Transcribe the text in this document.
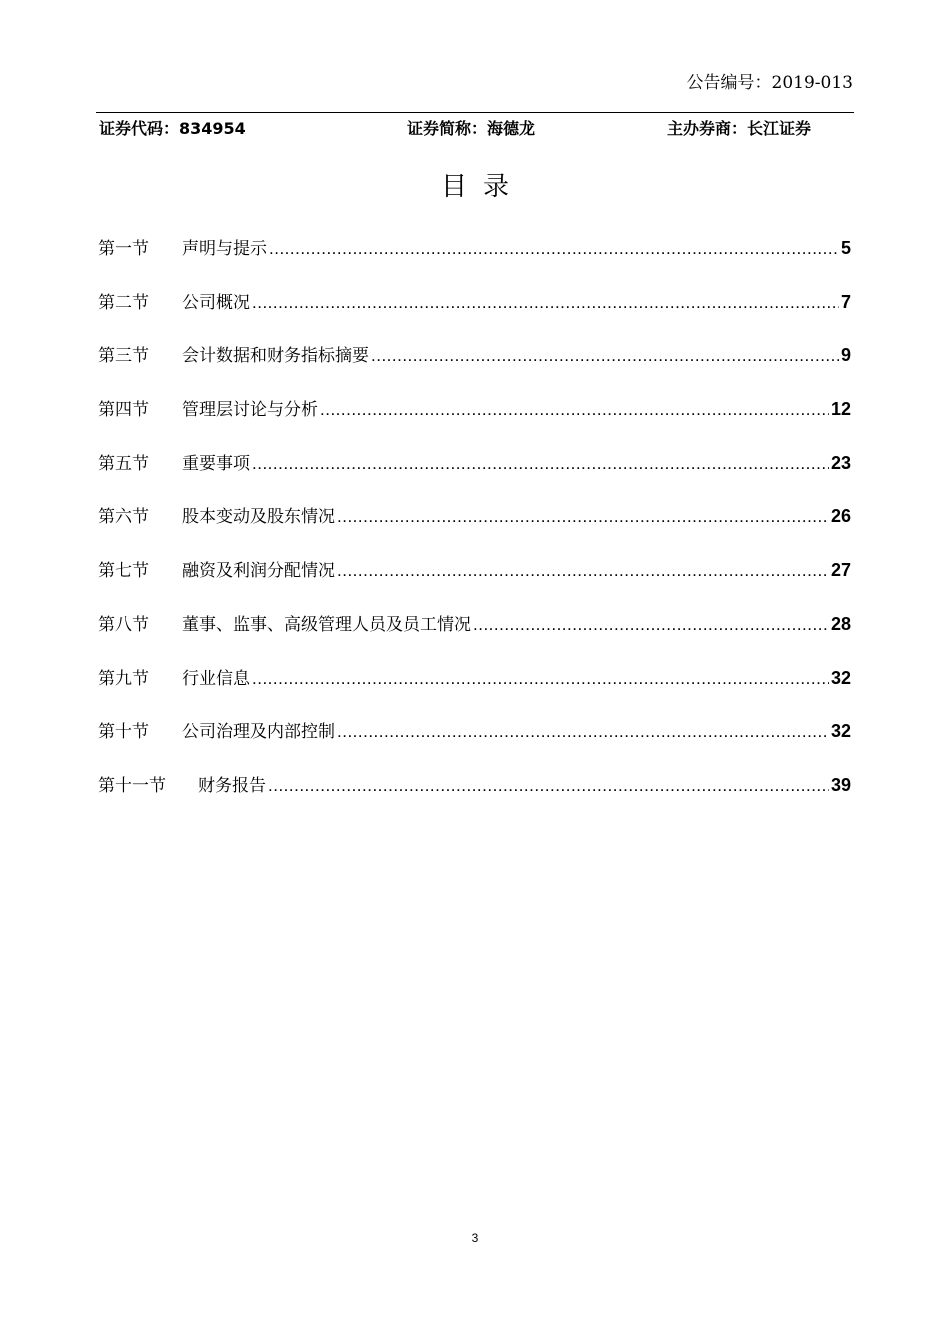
公告编号：2019-013
证券代码：834954	证券简称：海德龙	主办券商：长江证券
目录
第一节	声明与提示 .....	5
第二节	公司概况 .....	7
第三节	会计数据和财务指标摘要 .....	9
第四节	管理层讨论与分析 .....	12
第五节	重要事项 .....	23
第六节	股本变动及股东情况 .....	26
第七节	融资及利润分配情况 .....	27
第八节	董事、监事、高级管理人员及员工情况 .....	28
第九节	行业信息 .....	32
第十节	公司治理及内部控制 .....	32
第十一节	财务报告 .....	39
3
